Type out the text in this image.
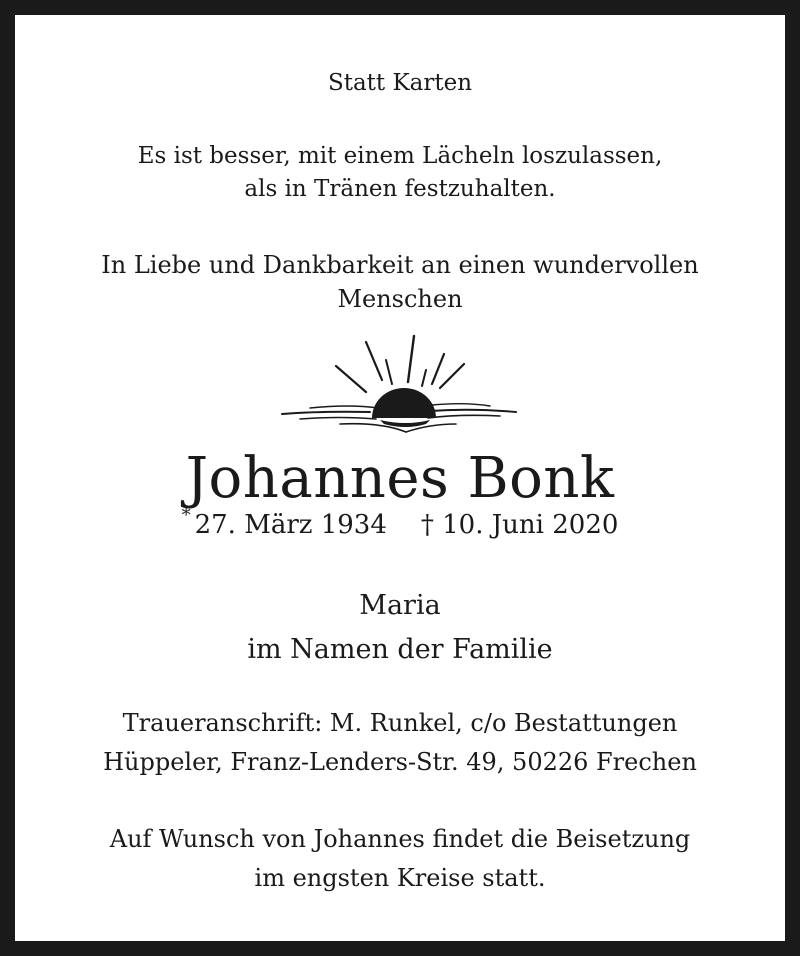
Statt Karten
Es ist besser, mit einem Lächeln loszulassen,
als in Tränen festzuhalten.
In Liebe und Dankbarkeit an einen wundervollen
Menschen
Johannes Bonk
* 27. März 1934 † 10. Juni 2020
Maria
im Namen der Familie
Traueranschrift: M. Runkel, c/o Bestattungen
Hüppeler, Franz-Lenders-Str. 49, 50226 Frechen
Auf Wunsch von Johannes findet die Beisetzung
im engsten Kreise statt.
